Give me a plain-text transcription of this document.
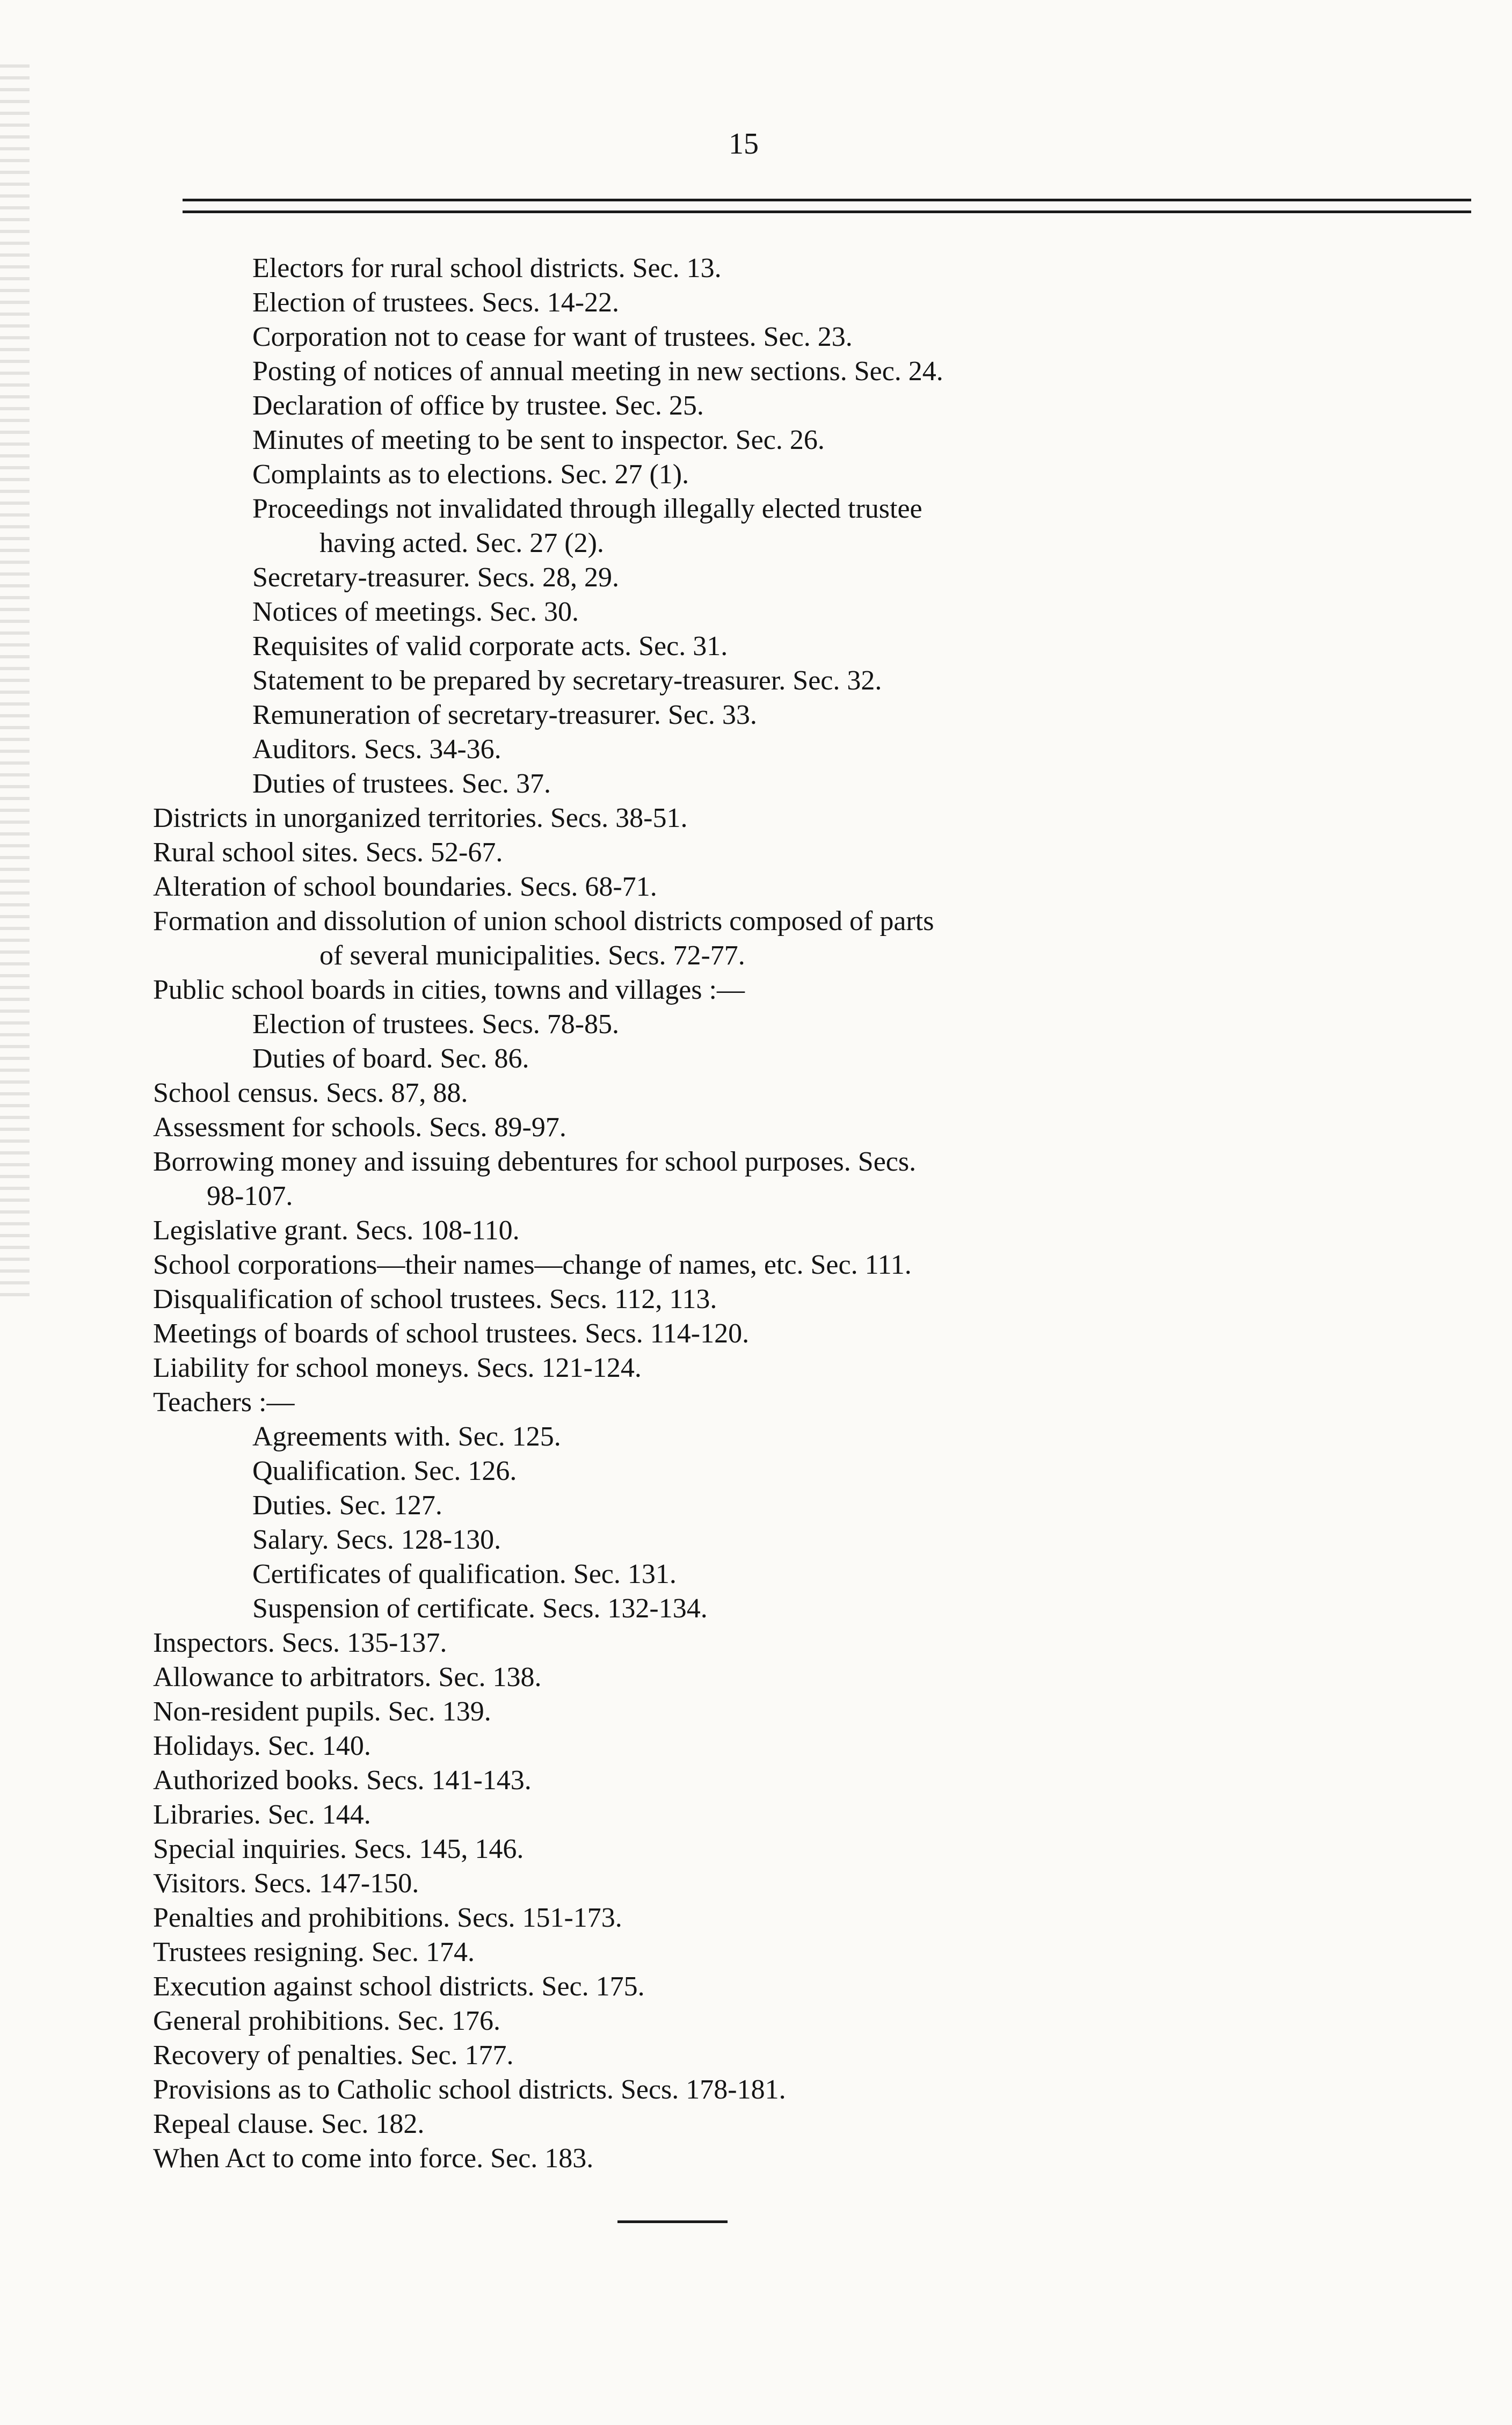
15
Electors for rural school districts. Sec. 13.
Election of trustees. Secs. 14-22.
Corporation not to cease for want of trustees. Sec. 23.
Posting of notices of annual meeting in new sections. Sec. 24.
Declaration of office by trustee. Sec. 25.
Minutes of meeting to be sent to inspector. Sec. 26.
Complaints as to elections. Sec. 27 (1).
Proceedings not invalidated through illegally elected trustee
having acted. Sec. 27 (2).
Secretary-treasurer. Secs. 28, 29.
Notices of meetings. Sec. 30.
Requisites of valid corporate acts. Sec. 31.
Statement to be prepared by secretary-treasurer. Sec. 32.
Remuneration of secretary-treasurer. Sec. 33.
Auditors. Secs. 34-36.
Duties of trustees. Sec. 37.
Districts in unorganized territories. Secs. 38-51.
Rural school sites. Secs. 52-67.
Alteration of school boundaries. Secs. 68-71.
Formation and dissolution of union school districts composed of parts
of several municipalities. Secs. 72-77.
Public school boards in cities, towns and villages :—
Election of trustees. Secs. 78-85.
Duties of board. Sec. 86.
School census. Secs. 87, 88.
Assessment for schools. Secs. 89-97.
Borrowing money and issuing debentures for school purposes. Secs.
98-107.
Legislative grant. Secs. 108-110.
School corporations—their names—change of names, etc. Sec. 111.
Disqualification of school trustees. Secs. 112, 113.
Meetings of boards of school trustees. Secs. 114-120.
Liability for school moneys. Secs. 121-124.
Teachers :—
Agreements with. Sec. 125.
Qualification. Sec. 126.
Duties. Sec. 127.
Salary. Secs. 128-130.
Certificates of qualification. Sec. 131.
Suspension of certificate. Secs. 132-134.
Inspectors. Secs. 135-137.
Allowance to arbitrators. Sec. 138.
Non-resident pupils. Sec. 139.
Holidays. Sec. 140.
Authorized books. Secs. 141-143.
Libraries. Sec. 144.
Special inquiries. Secs. 145, 146.
Visitors. Secs. 147-150.
Penalties and prohibitions. Secs. 151-173.
Trustees resigning. Sec. 174.
Execution against school districts. Sec. 175.
General prohibitions. Sec. 176.
Recovery of penalties. Sec. 177.
Provisions as to Catholic school districts. Secs. 178-181.
Repeal clause. Sec. 182.
When Act to come into force. Sec. 183.
